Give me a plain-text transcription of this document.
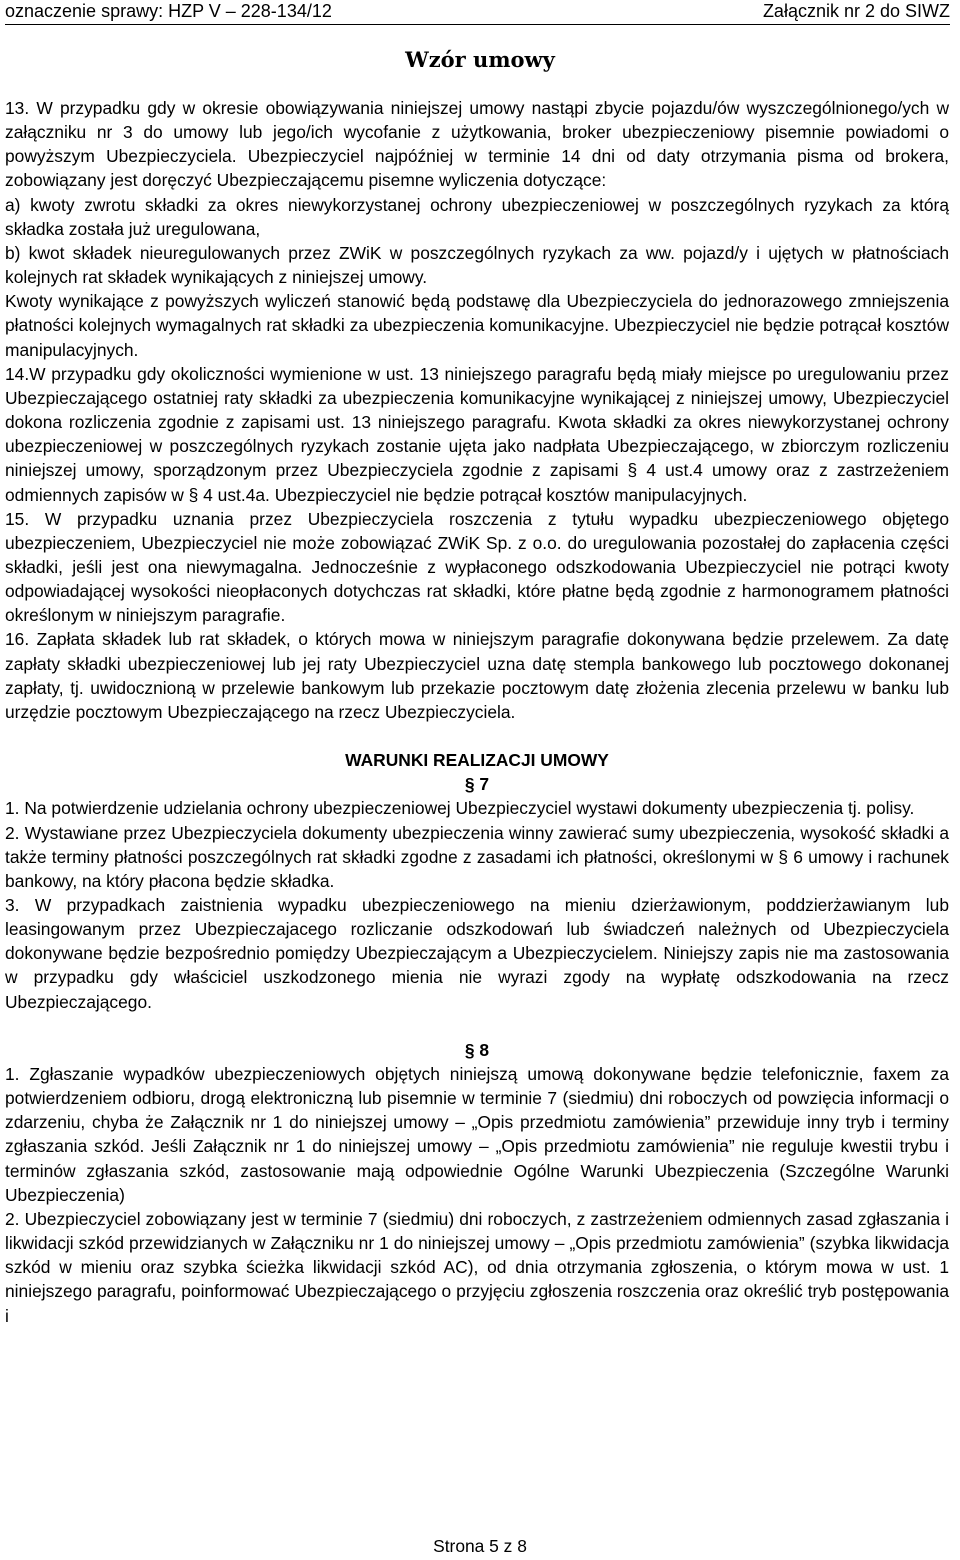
oznaczenie sprawy: HZP V – 228-134/12	Załącznik nr 2 do SIWZ
Wzór umowy

13. W przypadku gdy w okresie obowiązywania niniejszej umowy nastąpi zbycie pojazdu/ów wyszczególnionego/ych w załączniku nr 3 do umowy lub jego/ich wycofanie z użytkowania, broker ubezpieczeniowy pisemnie powiadomi o powyższym Ubezpieczyciela. Ubezpieczyciel najpóźniej w terminie 14 dni od daty otrzymania pisma od brokera, zobowiązany jest doręczyć Ubezpieczającemu pisemne wyliczenia dotyczące:

a) kwoty zwrotu składki za okres niewykorzystanej ochrony ubezpieczeniowej w poszczególnych ryzykach za którą składka została już uregulowana,

b) kwot składek nieuregulowanych przez ZWiK w poszczególnych ryzykach za ww. pojazd/y i ujętych w płatnościach kolejnych rat składek wynikających z niniejszej umowy.

Kwoty wynikające z powyższych wyliczeń stanowić będą podstawę dla Ubezpieczyciela do jednorazowego zmniejszenia płatności kolejnych wymagalnych rat składki za ubezpieczenia komunikacyjne. Ubezpieczyciel nie będzie potrącał kosztów manipulacyjnych.

14.W przypadku gdy okoliczności wymienione w ust. 13 niniejszego paragrafu będą miały miejsce po uregulowaniu przez Ubezpieczającego ostatniej raty składki za ubezpieczenia komunikacyjne wynikającej z niniejszej umowy, Ubezpieczyciel dokona rozliczenia zgodnie z zapisami ust. 13 niniejszego paragrafu. Kwota składki za okres niewykorzystanej ochrony ubezpieczeniowej w poszczególnych ryzykach zostanie ujęta jako nadpłata Ubezpieczającego, w zbiorczym rozliczeniu niniejszej umowy, sporządzonym przez Ubezpieczyciela zgodnie z zapisami § 4 ust.4 umowy oraz z zastrzeżeniem odmiennych zapisów w § 4 ust.4a. Ubezpieczyciel nie będzie potrącał kosztów manipulacyjnych.

15. W przypadku uznania przez Ubezpieczyciela roszczenia z tytułu wypadku ubezpieczeniowego objętego ubezpieczeniem, Ubezpieczyciel nie może zobowiązać ZWiK Sp. z o.o. do uregulowania pozostałej do zapłacenia części składki, jeśli jest ona niewymagalna. Jednocześnie z wypłaconego odszkodowania Ubezpieczyciel nie potrąci kwoty odpowiadającej wysokości nieopłaconych dotychczas rat składki, które płatne będą zgodnie z harmonogramem płatności określonym w niniejszym paragrafie.

16. Zapłata składek lub rat składek, o których mowa w niniejszym paragrafie dokonywana będzie przelewem. Za datę zapłaty składki ubezpieczeniowej lub jej raty Ubezpieczyciel uzna datę stempla bankowego lub pocztowego dokonanej zapłaty, tj. uwidocznioną w przelewie bankowym lub przekazie pocztowym datę złożenia zlecenia przelewu w banku lub urzędzie pocztowym Ubezpieczającego na rzecz Ubezpieczyciela.

WARUNKI REALIZACJI UMOWY

§ 7

1. Na potwierdzenie udzielania ochrony ubezpieczeniowej Ubezpieczyciel wystawi dokumenty ubezpieczenia tj. polisy.

2. Wystawiane przez Ubezpieczyciela dokumenty ubezpieczenia winny zawierać sumy ubezpieczenia, wysokość składki a także terminy płatności poszczególnych rat składki zgodne z zasadami ich płatności, określonymi w § 6 umowy i rachunek bankowy, na który płacona będzie składka.

3. W przypadkach zaistnienia wypadku ubezpieczeniowego na mieniu dzierżawionym, poddzierżawianym lub leasingowanym przez Ubezpieczajacego rozliczanie odszkodowań lub świadczeń należnych od Ubezpieczyciela dokonywane będzie bezpośrednio pomiędzy Ubezpieczającym a Ubezpieczycielem. Niniejszy zapis nie ma zastosowania w przypadku gdy właściciel uszkodzonego mienia nie wyrazi zgody na wypłatę odszkodowania na rzecz Ubezpieczającego.

§ 8

1. Zgłaszanie wypadków ubezpieczeniowych objętych niniejszą umową dokonywane będzie telefonicznie, faxem za potwierdzeniem odbioru, drogą elektroniczną lub pisemnie w terminie 7 (siedmiu) dni roboczych od powzięcia informacji o zdarzeniu, chyba że Załącznik nr 1 do niniejszej umowy – „Opis przedmiotu zamówienia” przewiduje inny tryb i terminy zgłaszania szkód. Jeśli Załącznik nr 1 do niniejszej umowy – „Opis przedmiotu zamówienia” nie reguluje kwestii trybu i terminów zgłaszania szkód, zastosowanie mają odpowiednie Ogólne Warunki Ubezpieczenia (Szczególne Warunki Ubezpieczenia)

2. Ubezpieczyciel zobowiązany jest w terminie 7 (siedmiu) dni roboczych, z zastrzeżeniem odmiennych zasad zgłaszania i likwidacji szkód przewidzianych w Załączniku nr 1 do niniejszej umowy – „Opis przedmiotu zamówienia” (szybka likwidacja szkód w mieniu oraz szybka ścieżka likwidacji szkód AC), od dnia otrzymania zgłoszenia, o którym mowa w ust. 1 niniejszego paragrafu, poinformować Ubezpieczającego o przyjęciu zgłoszenia roszczenia oraz określić tryb postępowania i

Strona 5 z 8
